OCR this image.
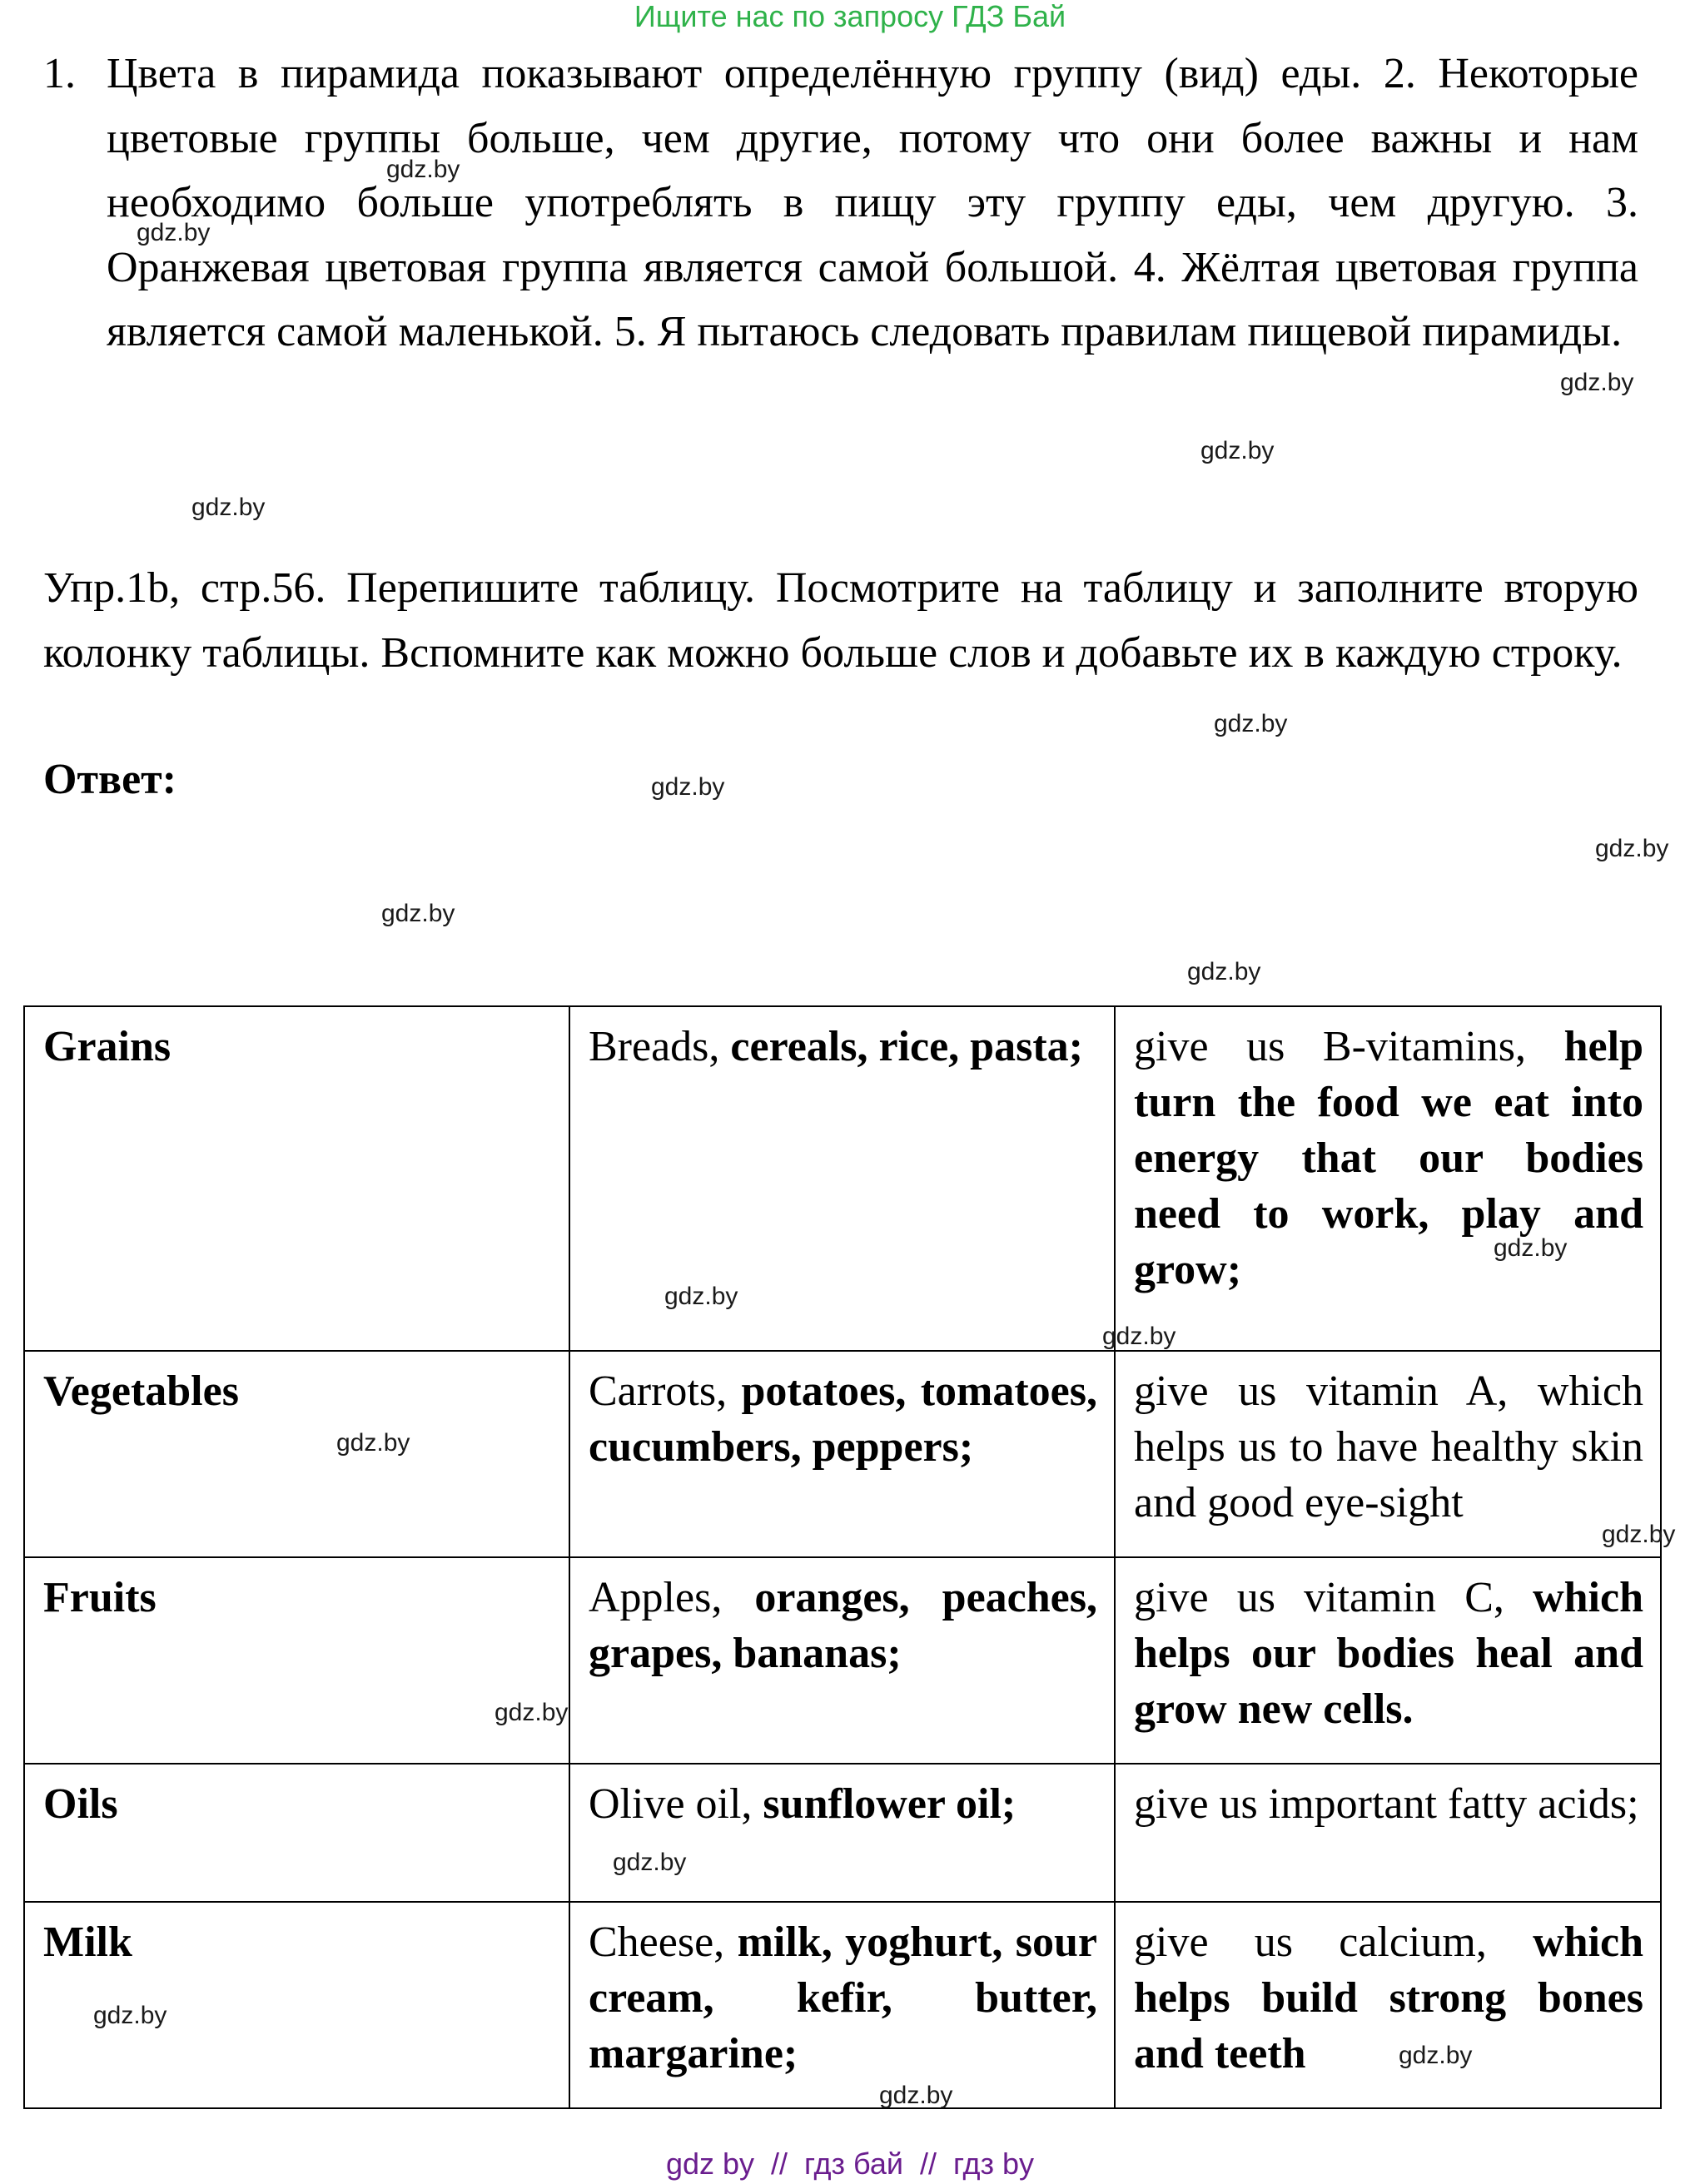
Ищите нас по запросу ГДЗ Бай
1. Цвета в пирамида показывают определённую группу (вид) еды. 2. Некоторые цветовые группы больше, чем другие, потому что они более важны и нам необходимо больше употреблять в пищу эту группу еды, чем другую. 3. Оранжевая цветовая группа является самой большой. 4. Жёлтая цветовая группа является самой маленькой. 5. Я пытаюсь следовать правилам пищевой пирамиды.
Упр.1b, стр.56. Перепишите таблицу. Посмотрите на таблицу и заполните вторую колонку таблицы. Вспомните как можно больше слов и добавьте их в каждую строку.
Ответ:
Grains	Breads, cereals, rice, pasta;	give us B-vitamins, help turn the food we eat into energy that our bodies need to work, play and grow;
Vegetables	Carrots, potatoes, tomatoes, cucumbers, peppers;	give us vitamin A, which helps us to have healthy skin and good eye-sight
Fruits	Apples, oranges, peaches, grapes, bananas;	give us vitamin C, which helps our bodies heal and grow new cells.
Oils	Olive oil, sunflower oil;	give us important fatty acids;
Milk	Cheese, milk, yoghurt, sour cream, kefir, butter, margarine;	give us calcium, which helps build strong bones and teeth
gdz.by
gdz.by
gdz.by
gdz.by
gdz.by
gdz.by
gdz.by
gdz.by
gdz.by
gdz.by
gdz.by
gdz.by
gdz.by
gdz.by
gdz.by
gdz.by
gdz.by
gdz.by
gdz.by
gdz.by
gdz by  //  гдз бай  //  гдз by
